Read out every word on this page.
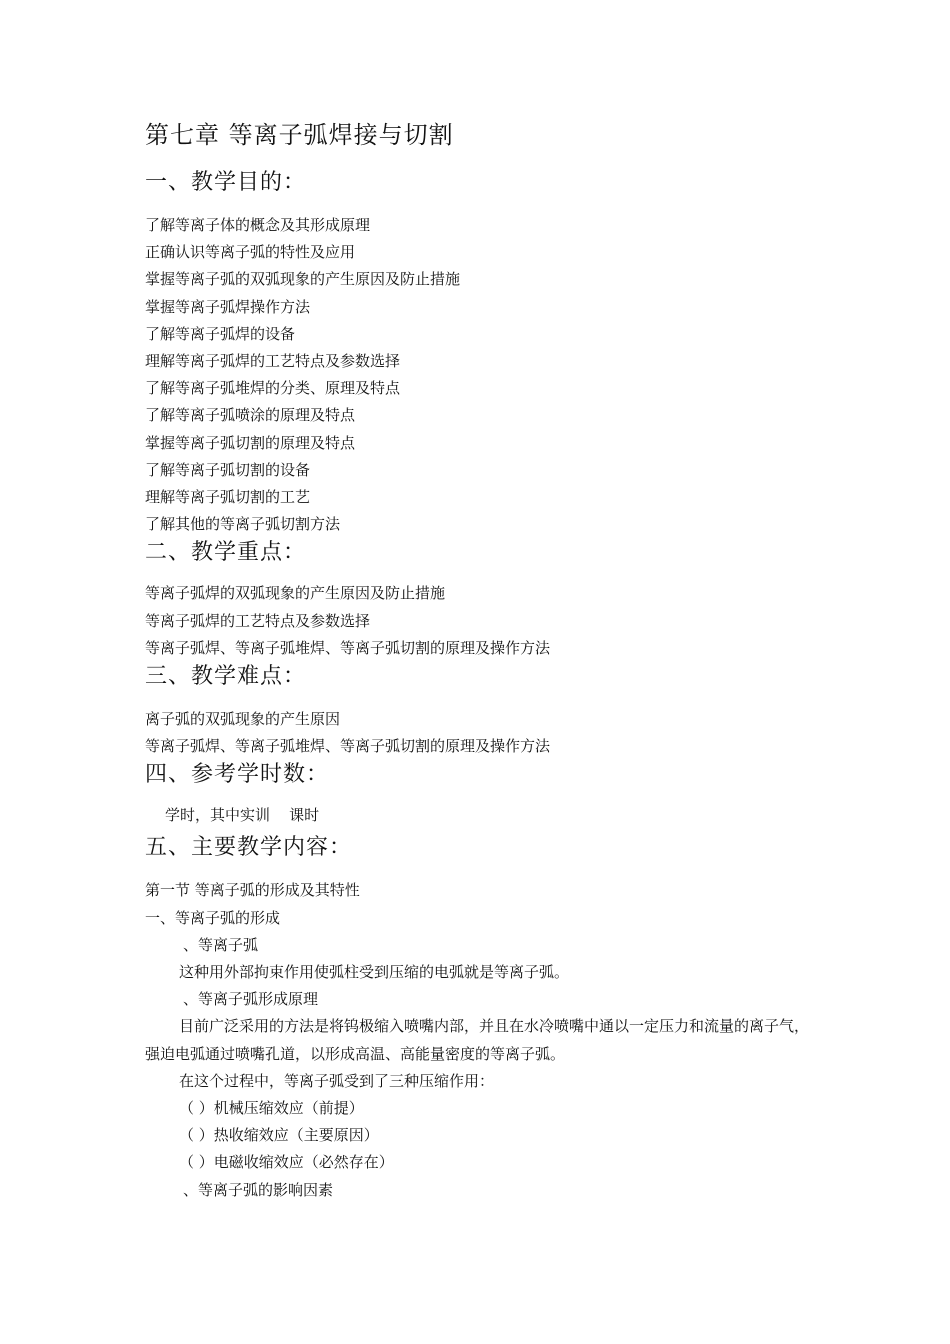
第七章 等离子弧焊接与切割
一、教学目的：
了解等离子体的概念及其形成原理
正确认识等离子弧的特性及应用
掌握等离子弧的双弧现象的产生原因及防止措施
掌握等离子弧焊操作方法
了解等离子弧焊的设备
理解等离子弧焊的工艺特点及参数选择
了解等离子弧堆焊的分类、原理及特点
了解等离子弧喷涂的原理及特点
掌握等离子弧切割的原理及特点
了解等离子弧切割的设备
理解等离子弧切割的工艺
了解其他的等离子弧切割方法
二、教学重点：
等离子弧焊的双弧现象的产生原因及防止措施
等离子弧焊的工艺特点及参数选择
等离子弧焊、等离子弧堆焊、等离子弧切割的原理及操作方法
三、教学难点：
离子弧的双弧现象的产生原因
等离子弧焊、等离子弧堆焊、等离子弧切割的原理及操作方法
四、参考学时数：
学时，其中实训    课时
五、主要教学内容：
第一节 等离子弧的形成及其特性
一、等离子弧的形成
、等离子弧
这种用外部拘束作用使弧柱受到压缩的电弧就是等离子弧。
、等离子弧形成原理
目前广泛采用的方法是将钨极缩入喷嘴内部，并且在水冷喷嘴中通以一定压力和流量的离子气，强迫电弧通过喷嘴孔道，以形成高温、高能量密度的等离子弧。
在这个过程中，等离子弧受到了三种压缩作用：
（ ）机械压缩效应（前提）
（ ）热收缩效应（主要原因）
（ ）电磁收缩效应（必然存在）
、等离子弧的影响因素
